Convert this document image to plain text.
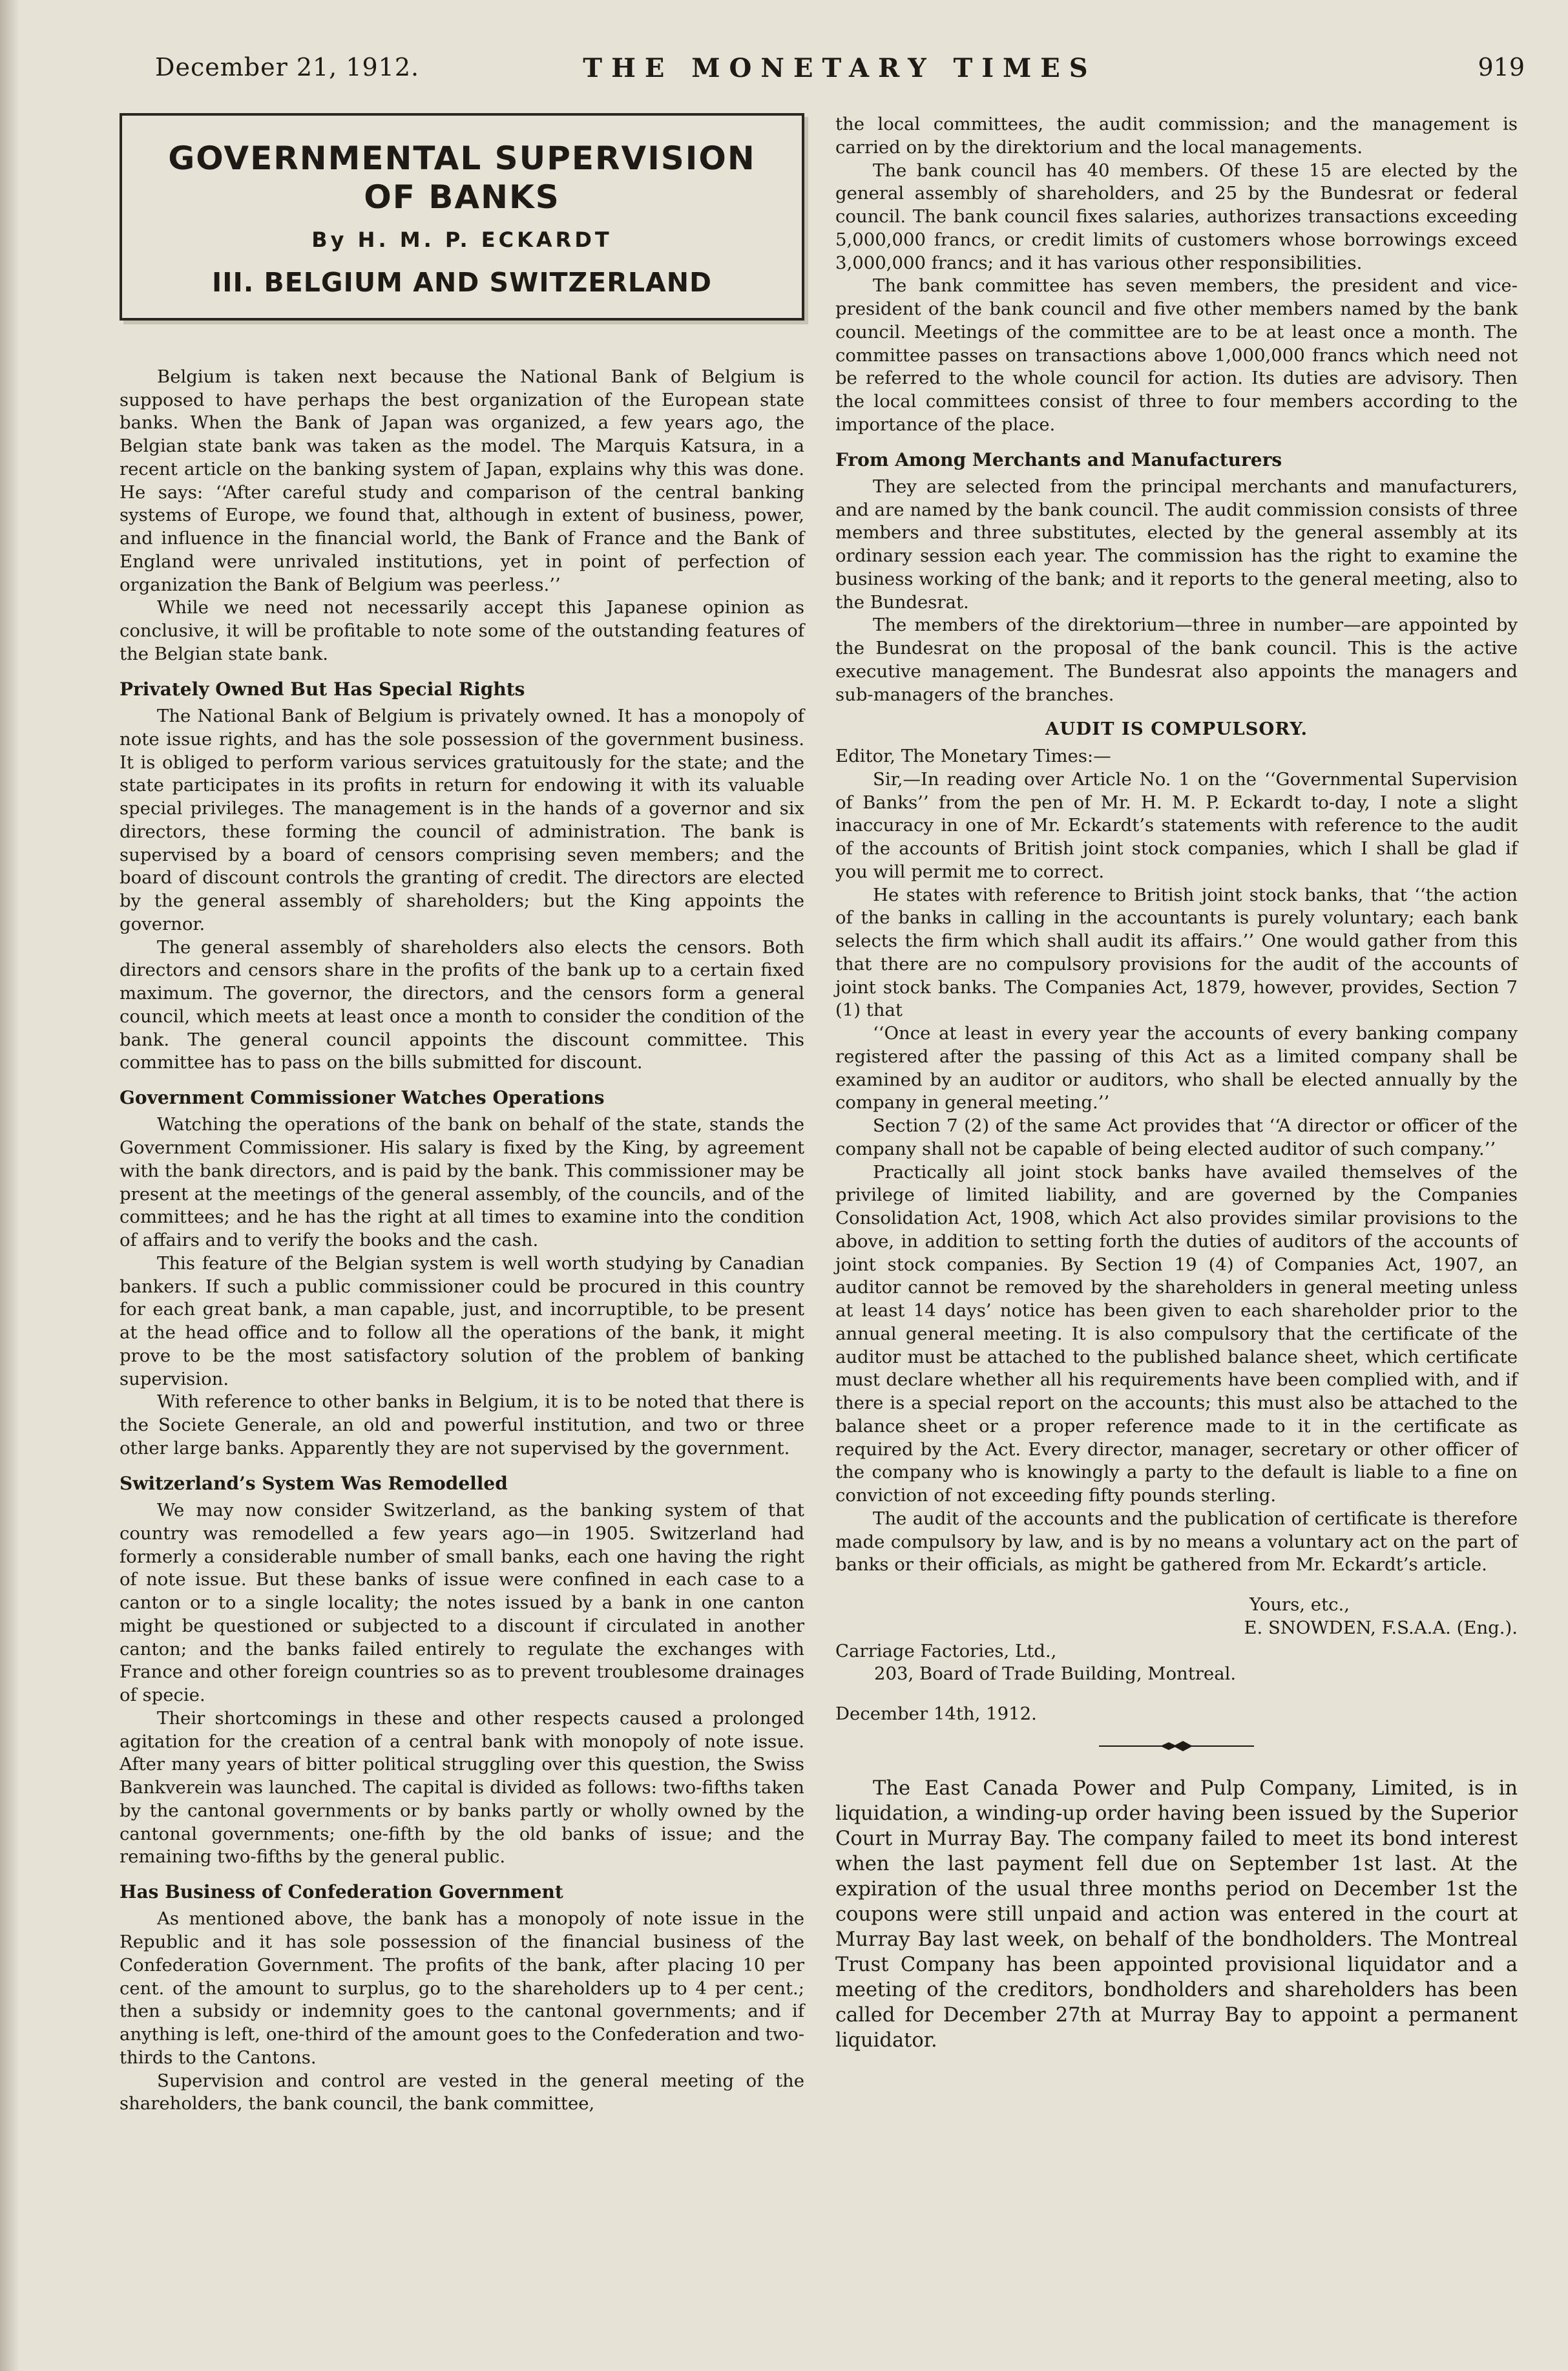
December 21, 1912.	THE MONETARY TIMES	919
GOVERNMENTAL SUPERVISION
OF BANKS
By H. M. P. ECKARDT
III. BELGIUM AND SWITZERLAND

Belgium is taken next because the National Bank of Belgium is supposed to have perhaps the best organization of the European state banks. When the Bank of Japan was organized, a few years ago, the Belgian state bank was taken as the model. The Marquis Katsura, in a recent article on the banking system of Japan, explains why this was done. He says: ‘‘After careful study and comparison of the central banking systems of Europe, we found that, although in extent of business, power, and influence in the financial world, the Bank of France and the Bank of England were unrivaled institutions, yet in point of perfection of organization the Bank of Belgium was peerless.’’

While we need not necessarily accept this Japanese opinion as conclusive, it will be profitable to note some of the outstanding features of the Belgian state bank.

Privately Owned But Has Special Rights

The National Bank of Belgium is privately owned. It has a monopoly of note issue rights, and has the sole possession of the government business. It is obliged to perform various services gratuitously for the state; and the state participates in its profits in return for endowing it with its valuable special privileges. The management is in the hands of a governor and six directors, these forming the council of administration. The bank is supervised by a board of censors comprising seven members; and the board of discount controls the granting of credit. The directors are elected by the general assembly of shareholders; but the King appoints the governor.

The general assembly of shareholders also elects the censors. Both directors and censors share in the profits of the bank up to a certain fixed maximum. The governor, the directors, and the censors form a general council, which meets at least once a month to consider the condition of the bank. The general council appoints the discount committee. This committee has to pass on the bills submitted for discount.

Government Commissioner Watches Operations

Watching the operations of the bank on behalf of the state, stands the Government Commissioner. His salary is fixed by the King, by agreement with the bank directors, and is paid by the bank. This commissioner may be present at the meetings of the general assembly, of the councils, and of the committees; and he has the right at all times to examine into the condition of affairs and to verify the books and the cash.

This feature of the Belgian system is well worth studying by Canadian bankers. If such a public commissioner could be procured in this country for each great bank, a man capable, just, and incorruptible, to be present at the head office and to follow all the operations of the bank, it might prove to be the most satisfactory solution of the problem of banking supervision.

With reference to other banks in Belgium, it is to be noted that there is the Societe Generale, an old and powerful institution, and two or three other large banks. Apparently they are not supervised by the government.

Switzerland’s System Was Remodelled

We may now consider Switzerland, as the banking system of that country was remodelled a few years ago—in 1905. Switzerland had formerly a considerable number of small banks, each one having the right of note issue. But these banks of issue were confined in each case to a canton or to a single locality; the notes issued by a bank in one canton might be questioned or subjected to a discount if circulated in another canton; and the banks failed entirely to regulate the exchanges with France and other foreign countries so as to prevent troublesome drainages of specie.

Their shortcomings in these and other respects caused a prolonged agitation for the creation of a central bank with monopoly of note issue. After many years of bitter political struggling over this question, the Swiss Bankverein was launched. The capital is divided as follows: two-fifths taken by the cantonal governments or by banks partly or wholly owned by the cantonal governments; one-fifth by the old banks of issue; and the remaining two-fifths by the general public.

Has Business of Confederation Government

As mentioned above, the bank has a monopoly of note issue in the Republic and it has sole possession of the financial business of the Confederation Government. The profits of the bank, after placing 10 per cent. of the amount to surplus, go to the shareholders up to 4 per cent.; then a subsidy or indemnity goes to the cantonal governments; and if anything is left, one-third of the amount goes to the Confederation and two-thirds to the Cantons.

Supervision and control are vested in the general meeting of the shareholders, the bank council, the bank committee,

the local committees, the audit commission; and the management is carried on by the direktorium and the local managements.

The bank council has 40 members. Of these 15 are elected by the general assembly of shareholders, and 25 by the Bundesrat or federal council. The bank council fixes salaries, authorizes transactions exceeding 5,000,000 francs, or credit limits of customers whose borrowings exceed 3,000,000 francs; and it has various other responsibilities.

The bank committee has seven members, the president and vice-president of the bank council and five other members named by the bank council. Meetings of the committee are to be at least once a month. The committee passes on transactions above 1,000,000 francs which need not be referred to the whole council for action. Its duties are advisory. Then the local committees consist of three to four members according to the importance of the place.

From Among Merchants and Manufacturers

They are selected from the principal merchants and manufacturers, and are named by the bank council. The audit commission consists of three members and three substitutes, elected by the general assembly at its ordinary session each year. The commission has the right to examine the business working of the bank; and it reports to the general meeting, also to the Bundesrat.

The members of the direktorium—three in number—are appointed by the Bundesrat on the proposal of the bank council. This is the active executive management. The Bundesrat also appoints the managers and sub-managers of the branches.

AUDIT IS COMPULSORY.

Editor, The Monetary Times:—

Sir,—In reading over Article No. 1 on the ‘‘Governmental Supervision of Banks’’ from the pen of Mr. H. M. P. Eckardt to-day, I note a slight inaccuracy in one of Mr. Eckardt’s statements with reference to the audit of the accounts of British joint stock companies, which I shall be glad if you will permit me to correct.

He states with reference to British joint stock banks, that ‘‘the action of the banks in calling in the accountants is purely voluntary; each bank selects the firm which shall audit its affairs.’’ One would gather from this that there are no compulsory provisions for the audit of the accounts of joint stock banks. The Companies Act, 1879, however, provides, Section 7 (1) that

‘‘Once at least in every year the accounts of every banking company registered after the passing of this Act as a limited company shall be examined by an auditor or auditors, who shall be elected annually by the company in general meeting.’’

Section 7 (2) of the same Act provides that ‘‘A director or officer of the company shall not be capable of being elected auditor of such company.’’

Practically all joint stock banks have availed themselves of the privilege of limited liability, and are governed by the Companies Consolidation Act, 1908, which Act also provides similar provisions to the above, in addition to setting forth the duties of auditors of the accounts of joint stock companies. By Section 19 (4) of Companies Act, 1907, an auditor cannot be removed by the shareholders in general meeting unless at least 14 days’ notice has been given to each shareholder prior to the annual general meeting. It is also compulsory that the certificate of the auditor must be attached to the published balance sheet, which certificate must declare whether all his requirements have been complied with, and if there is a special report on the accounts; this must also be attached to the balance sheet or a proper reference made to it in the certificate as required by the Act. Every director, manager, secretary or other officer of the company who is knowingly a party to the default is liable to a fine on conviction of not exceeding fifty pounds sterling.

The audit of the accounts and the publication of certificate is therefore made compulsory by law, and is by no means a voluntary act on the part of banks or their officials, as might be gathered from Mr. Eckardt’s article.

Yours, etc.,

E. SNOWDEN, F.S.A.A. (Eng.).

Carriage Factories, Ltd.,

203, Board of Trade Building, Montreal.

December 14th, 1912.

The East Canada Power and Pulp Company, Limited, is in liquidation, a winding-up order having been issued by the Superior Court in Murray Bay. The company failed to meet its bond interest when the last payment fell due on September 1st last. At the expiration of the usual three months period on December 1st the coupons were still unpaid and action was entered in the court at Murray Bay last week, on behalf of the bondholders. The Montreal Trust Company has been appointed provisional liquidator and a meeting of the creditors, bondholders and shareholders has been called for December 27th at Murray Bay to appoint a permanent liquidator.
